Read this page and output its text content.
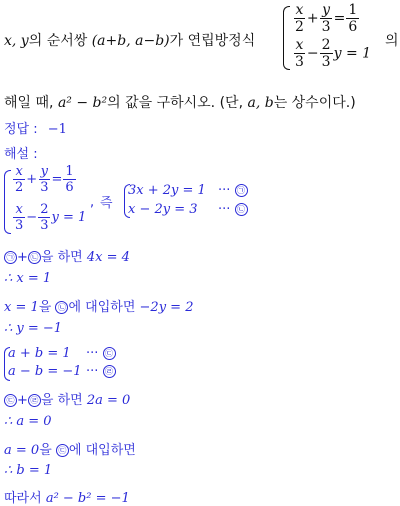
x, y의 순서쌍 (a+b, a−b)가 연립방정식
$\frac{x}{2} + \frac{y}{3} = \frac{1}{6}$
$\frac{x}{3} - \frac{2}{3}$ y = 1
의
해일 때, a² − b²의 값을 구하시오. (단, a, b는 상수이다.)
정답 : −1
해설 :
$\frac{x}{2} + \frac{y}{3} = \frac{1}{6}$
$\frac{x}{3} - \frac{2}{3}$ y = 1
, 즉
3x + 2y = 1 ··· ㉠
x − 2y = 3 ··· ㉡
㉠ + ㉡ 을 하면 4x = 4
∴ x = 1
x = 1을 ㉡ 에 대입하면 −2y = 2
∴ y = −1
a + b = 1 ··· ㉢
a − b = −1 ··· ㉣
㉢ + ㉣ 을 하면 2a = 0
∴ a = 0
a = 0을 ㉢ 에 대입하면
∴ b = 1
따라서 a² − b² = −1
